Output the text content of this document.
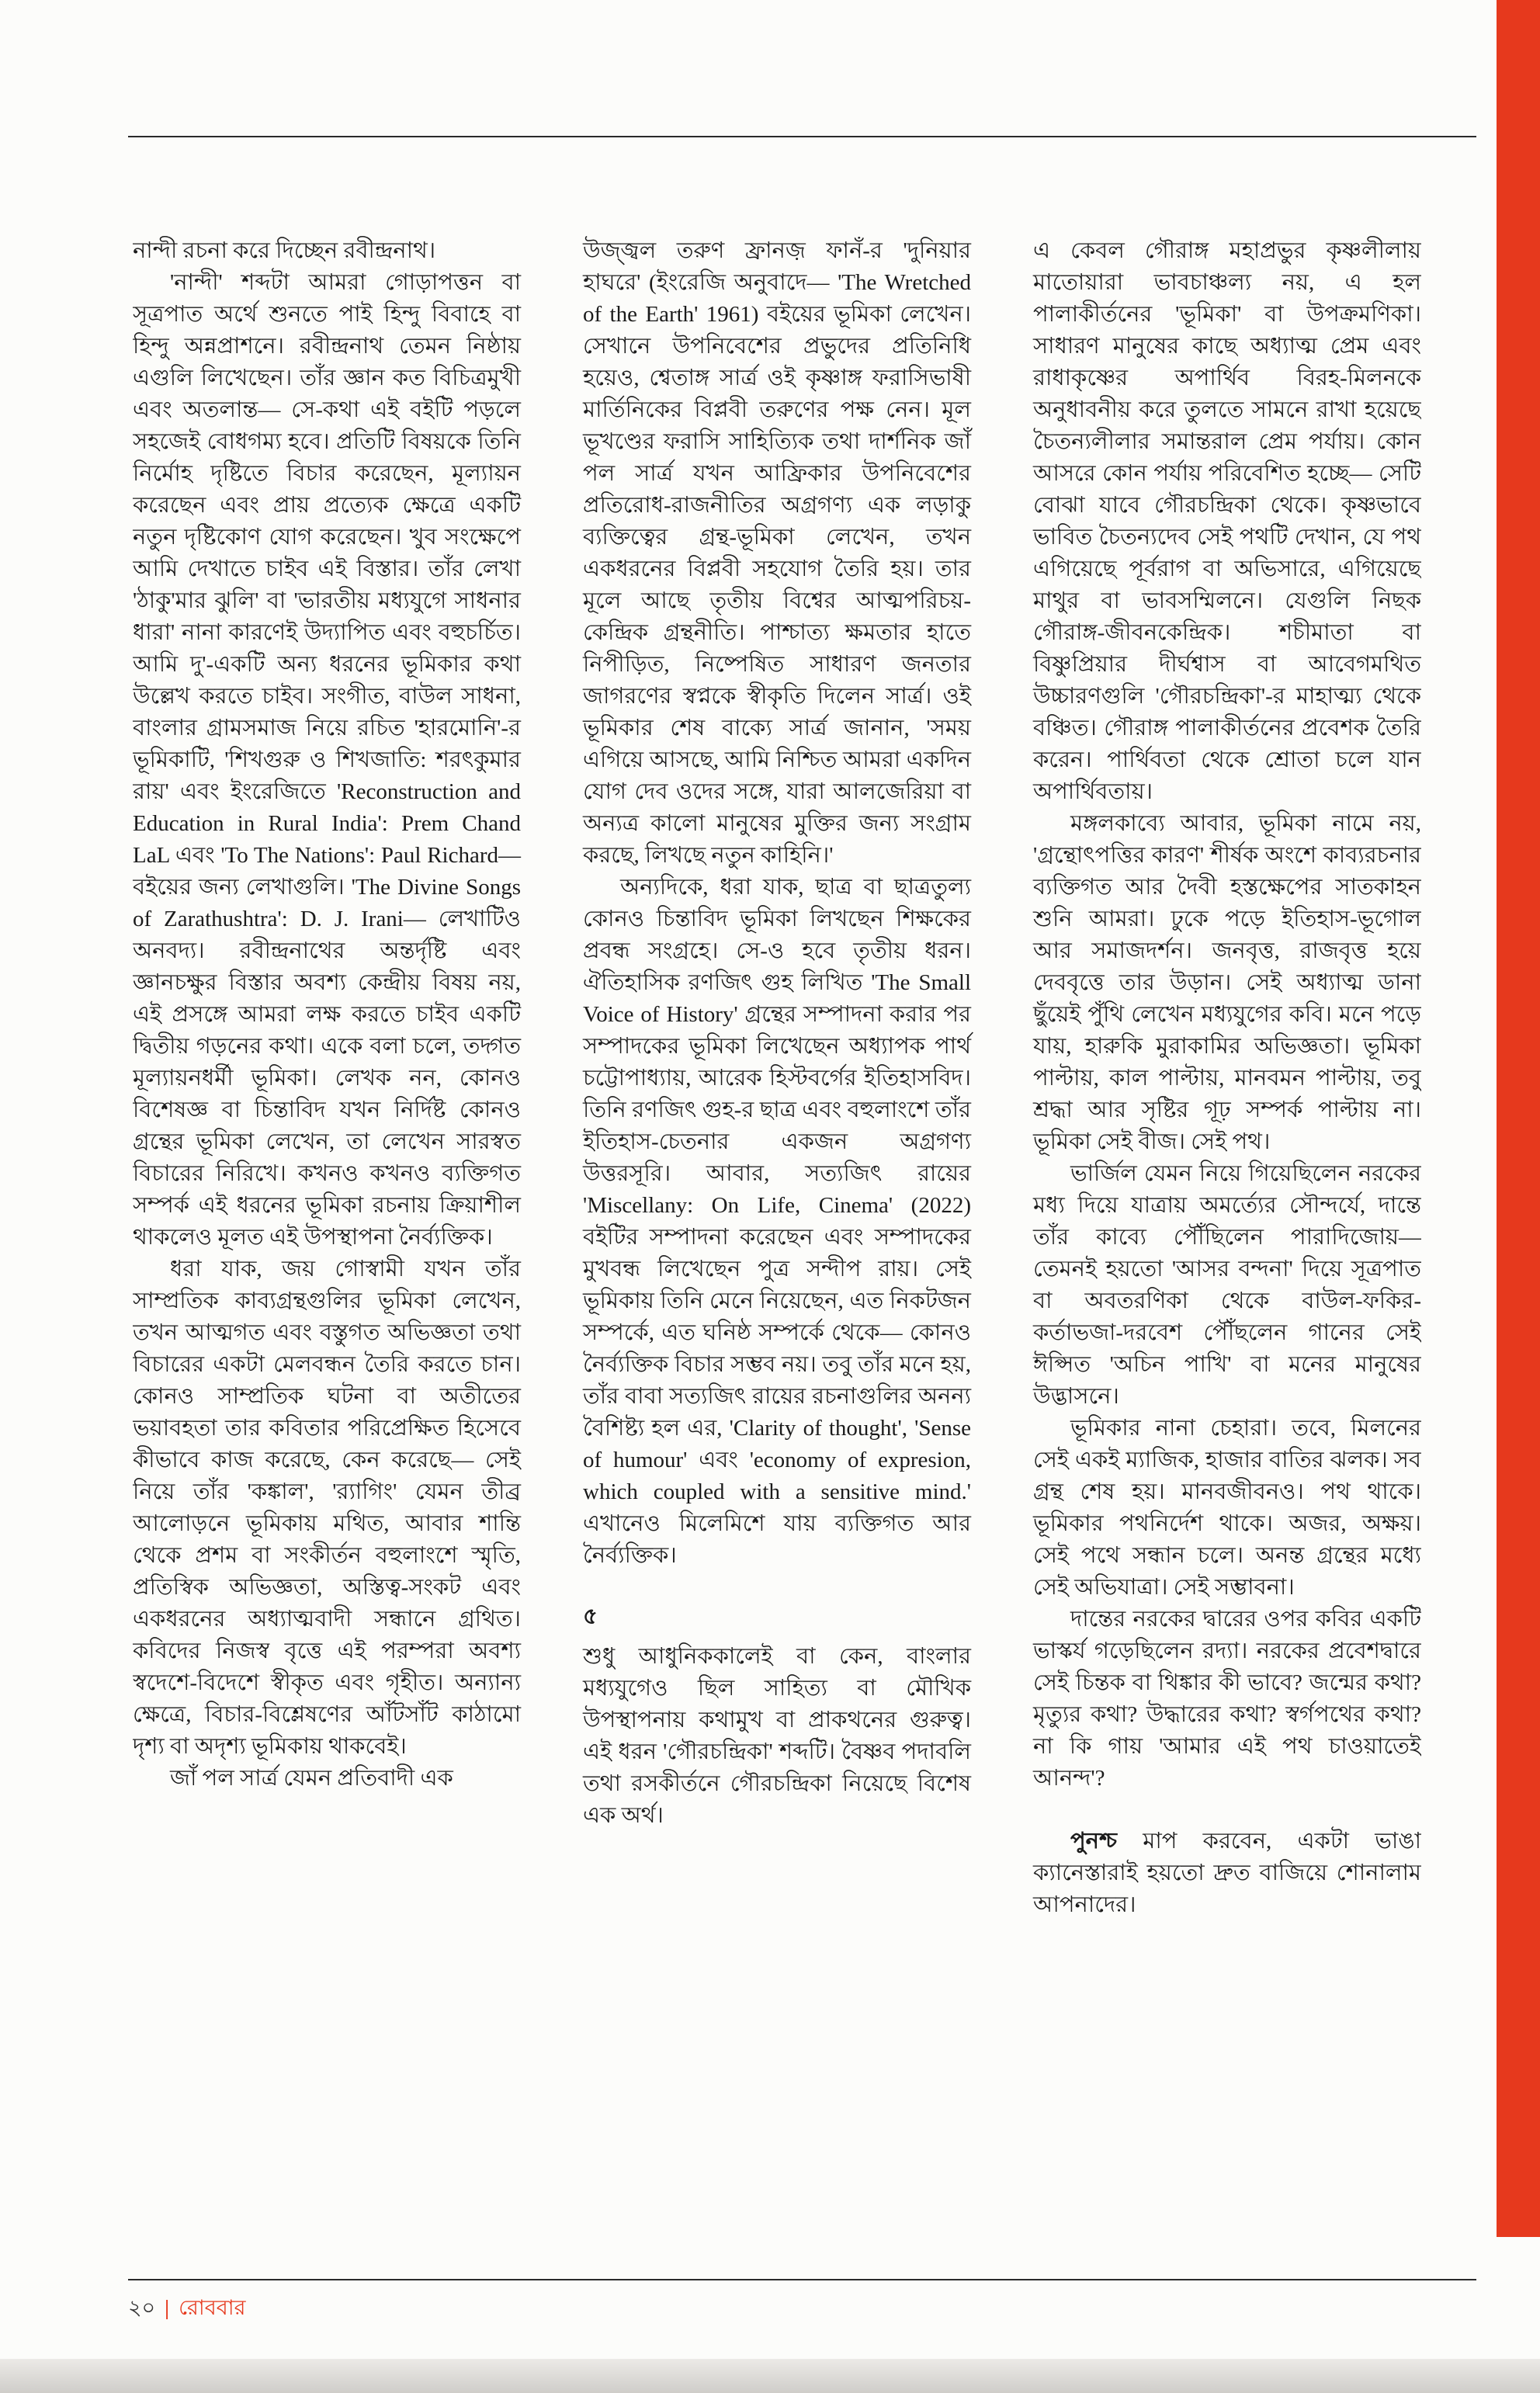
নান্দী রচনা করে দিচ্ছেন রবীন্দ্রনাথ।

'নান্দী' শব্দটা আমরা গোড়াপত্তন বা সূত্রপাত অর্থে শুনতে পাই হিন্দু বিবাহে বা হিন্দু অন্নপ্রাশনে। রবীন্দ্রনাথ তেমন নিষ্ঠায় এগুলি লিখেছেন। তাঁর জ্ঞান কত বিচিত্রমুখী এবং অতলান্ত— সে-কথা এই বইটি পড়লে সহজেই বোধগম্য হবে। প্রতিটি বিষয়কে তিনি নির্মোহ দৃষ্টিতে বিচার করেছেন, মূল্যায়ন করেছেন এবং প্রায় প্রত্যেক ক্ষেত্রে একটি নতুন দৃষ্টিকোণ যোগ করেছেন। খুব সংক্ষেপে আমি দেখাতে চাইব এই বিস্তার। তাঁর লেখা 'ঠাকু'মার ঝুলি' বা 'ভারতীয় মধ্যযুগে সাধনার ধারা' নানা কারণেই উদ্যাপিত এবং বহুচর্চিত। আমি দু'-একটি অন্য ধরনের ভূমিকার কথা উল্লেখ করতে চাইব। সংগীত, বাউল সাধনা, বাংলার গ্রামসমাজ নিয়ে রচিত 'হারমোনি'-র ভূমিকাটি, 'শিখগুরু ও শিখজাতি: শরৎকুমার রায়' এবং ইংরেজিতে 'Reconstruction and Education in Rural India': Prem Chand LaL এবং 'To The Nations': Paul Richard— বইয়ের জন্য লেখাগুলি। 'The Divine Songs of Zarathushtra': D. J. Irani— লেখাটিও অনবদ্য। রবীন্দ্রনাথের অন্তর্দৃষ্টি এবং জ্ঞানচক্ষুর বিস্তার অবশ্য কেন্দ্রীয় বিষয় নয়, এই প্রসঙ্গে আমরা লক্ষ করতে চাইব একটি দ্বিতীয় গড়নের কথা। একে বলা চলে, তদ্গত মূল্যায়নধর্মী ভূমিকা। লেখক নন, কোনও বিশেষজ্ঞ বা চিন্তাবিদ যখন নির্দিষ্ট কোনও গ্রন্থের ভূমিকা লেখেন, তা লেখেন সারস্বত বিচারের নিরিখে। কখনও কখনও ব্যক্তিগত সম্পর্ক এই ধরনের ভূমিকা রচনায় ক্রিয়াশীল থাকলেও মূলত এই উপস্থাপনা নৈর্ব্যক্তিক।

ধরা যাক, জয় গোস্বামী যখন তাঁর সাম্প্রতিক কাব্যগ্রন্থগুলির ভূমিকা লেখেন, তখন আত্মগত এবং বস্তুগত অভিজ্ঞতা তথা বিচারের একটা মেলবন্ধন তৈরি করতে চান। কোনও সাম্প্রতিক ঘটনা বা অতীতের ভয়াবহতা তার কবিতার পরিপ্রেক্ষিত হিসেবে কীভাবে কাজ করেছে, কেন করেছে— সেই নিয়ে তাঁর 'কঙ্কাল', 'র‍্যাগিং' যেমন তীব্র আলোড়নে ভূমিকায় মথিত, আবার শান্তি থেকে প্রশম বা সংকীর্তন বহুলাংশে স্মৃতি, প্রতিস্বিক অভিজ্ঞতা, অস্তিত্ব-সংকট এবং একধরনের অধ্যাত্মবাদী সন্ধানে গ্রথিত। কবিদের নিজস্ব বৃত্তে এই পরম্পরা অবশ্য স্বদেশে-বিদেশে স্বীকৃত এবং গৃহীত। অন্যান্য ক্ষেত্রে, বিচার-বিশ্লেষণের আঁটসাঁট কাঠামো দৃশ্য বা অদৃশ্য ভূমিকায় থাকবেই।

জাঁ পল সার্ত্র যেমন প্রতিবাদী এক

উজ্জ্বল তরুণ ফ্রানজ় ফানঁ-র 'দুনিয়ার হাঘরে' (ইংরেজি অনুবাদে— 'The Wretched of the Earth' 1961) বইয়ের ভূমিকা লেখেন। সেখানে উপনিবেশের প্রভুদের প্রতিনিধি হয়েও, শ্বেতাঙ্গ সার্ত্র ওই কৃষ্ণাঙ্গ ফরাসিভাষী মার্তিনিকের বিপ্লবী তরুণের পক্ষ নেন। মূল ভূখণ্ডের ফরাসি সাহিত্যিক তথা দার্শনিক জাঁ পল সার্ত্র যখন আফ্রিকার উপনিবেশের প্রতিরোধ-রাজনীতির অগ্রগণ্য এক লড়াকু ব্যক্তিত্বের গ্রন্থ-ভূমিকা লেখেন, তখন একধরনের বিপ্লবী সহযোগ তৈরি হয়। তার মূলে আছে তৃতীয় বিশ্বের আত্মপরিচয়-কেন্দ্রিক গ্রন্থনীতি। পাশ্চাত্য ক্ষমতার হাতে নিপীড়িত, নিষ্পেষিত সাধারণ জনতার জাগরণের স্বপ্নকে স্বীকৃতি দিলেন সার্ত্র। ওই ভূমিকার শেষ বাক্যে সার্ত্র জানান, 'সময় এগিয়ে আসছে, আমি নিশ্চিত আমরা একদিন যোগ দেব ওদের সঙ্গে, যারা আলজেরিয়া বা অন্যত্র কালো মানুষের মুক্তির জন্য সংগ্রাম করছে, লিখছে নতুন কাহিনি।'

অন্যদিকে, ধরা যাক, ছাত্র বা ছাত্রতুল্য কোনও চিন্তাবিদ ভূমিকা লিখছেন শিক্ষকের প্রবন্ধ সংগ্রহে। সে-ও হবে তৃতীয় ধরন। ঐতিহাসিক রণজিৎ গুহ লিখিত 'The Small Voice of History' গ্রন্থের সম্পাদনা করার পর সম্পাদকের ভূমিকা লিখেছেন অধ্যাপক পার্থ চট্টোপাধ্যায়, আরেক হিস্টবর্গের ইতিহাসবিদ। তিনি রণজিৎ গুহ-র ছাত্র এবং বহুলাংশে তাঁর ইতিহাস-চেতনার একজন অগ্রগণ্য উত্তরসূরি। আবার, সত্যজিৎ রায়ের 'Miscellany: On Life, Cinema' (2022) বইটির সম্পাদনা করেছেন এবং সম্পাদকের মুখবন্ধ লিখেছেন পুত্র সন্দীপ রায়। সেই ভূমিকায় তিনি মেনে নিয়েছেন, এত নিকটজন সম্পর্কে, এত ঘনিষ্ঠ সম্পর্কে থেকে— কোনও নৈর্ব্যক্তিক বিচার সম্ভব নয়। তবু তাঁর মনে হয়, তাঁর বাবা সত্যজিৎ রায়ের রচনাগুলির অনন্য বৈশিষ্ট্য হল এর, 'Clarity of thought', 'Sense of humour' এবং 'economy of expresion, which coupled with a sensitive mind.' এখানেও মিলেমিশে যায় ব্যক্তিগত আর নৈর্ব্যক্তিক।

৫

শুধু আধুনিককালেই বা কেন, বাংলার মধ্যযুগেও ছিল সাহিত্য বা মৌখিক উপস্থাপনায় কথামুখ বা প্রাকথনের গুরুত্ব। এই ধরন 'গৌরচন্দ্রিকা' শব্দটি। বৈষ্ণব পদাবলি তথা রসকীর্তনে গৌরচন্দ্রিকা নিয়েছে বিশেষ এক অর্থ।

এ কেবল গৌরাঙ্গ মহাপ্রভুর কৃষ্ণলীলায় মাতোয়ারা ভাবচাঞ্চল্য নয়, এ হল পালাকীর্তনের 'ভূমিকা' বা উপক্রমণিকা। সাধারণ মানুষের কাছে অধ্যাত্ম প্রেম এবং রাধাকৃষ্ণের অপার্থিব বিরহ-মিলনকে অনুধাবনীয় করে তুলতে সামনে রাখা হয়েছে চৈতন্যলীলার সমান্তরাল প্রেম পর্যায়। কোন আসরে কোন পর্যায় পরিবেশিত হচ্ছে— সেটি বোঝা যাবে গৌরচন্দ্রিকা থেকে। কৃষ্ণভাবে ভাবিত চৈতন্যদেব সেই পথটি দেখান, যে পথ এগিয়েছে পূর্বরাগ বা অভিসারে, এগিয়েছে মাথুর বা ভাবসম্মিলনে। যেগুলি নিছক গৌরাঙ্গ-জীবনকেন্দ্রিক। শচীমাতা বা বিষ্ণুপ্রিয়ার দীর্ঘশ্বাস বা আবেগমথিত উচ্চারণগুলি 'গৌরচন্দ্রিকা'-র মাহাত্ম্য থেকে বঞ্চিত। গৌরাঙ্গ পালাকীর্তনের প্রবেশক তৈরি করেন। পার্থিবতা থেকে শ্রোতা চলে যান অপার্থিবতায়।

মঙ্গলকাব্যে আবার, ভূমিকা নামে নয়, 'গ্রন্থোৎপত্তির কারণ' শীর্ষক অংশে কাব্যরচনার ব্যক্তিগত আর দৈবী হস্তক্ষেপের সাতকাহন শুনি আমরা। ঢুকে পড়ে ইতিহাস-ভূগোল আর সমাজদর্শন। জনবৃত্ত, রাজবৃত্ত হয়ে দেববৃত্তে তার উড়ান। সেই অধ্যাত্ম ডানা ছুঁয়েই পুঁথি লেখেন মধ্যযুগের কবি। মনে পড়ে যায়, হারুকি মুরাকামির অভিজ্ঞতা। ভূমিকা পাল্টায়, কাল পাল্টায়, মানবমন পাল্টায়, তবু শ্রদ্ধা আর সৃষ্টির গূঢ় সম্পর্ক পাল্টায় না। ভূমিকা সেই বীজ। সেই পথ।

ভার্জিল যেমন নিয়ে গিয়েছিলেন নরকের মধ্য দিয়ে যাত্রায় অমর্ত্যের সৌন্দর্যে, দান্তে তাঁর কাব্যে পৌঁছিলেন পারাদিজোয়— তেমনই হয়তো 'আসর বন্দনা' দিয়ে সূত্রপাত বা অবতরণিকা থেকে বাউল-ফকির-কর্তাভজা-দরবেশ পৌঁছলেন গানের সেই ঈপ্সিত 'অচিন পাখি' বা মনের মানুষের উদ্ভাসনে।

ভূমিকার নানা চেহারা। তবে, মিলনের সেই একই ম্যাজিক, হাজার বাতির ঝলক। সব গ্রন্থ শেষ হয়। মানবজীবনও। পথ থাকে। ভূমিকার পথনির্দেশ থাকে। অজর, অক্ষয়। সেই পথে সন্ধান চলে। অনন্ত গ্রন্থের মধ্যে সেই অভিযাত্রা। সেই সম্ভাবনা।

দান্তের নরকের দ্বারের ওপর কবির একটি ভাস্কর্য গড়েছিলেন রদ্যা। নরকের প্রবেশদ্বারে সেই চিন্তক বা থিঙ্কার কী ভাবে? জন্মের কথা? মৃত্যুর কথা? উদ্ধারের কথা? স্বর্গপথের কথা? না কি গায় 'আমার এই পথ চাওয়াতেই আনন্দ'?

পুনশ্চ মাপ করবেন, একটা ভাঙা ক্যানেস্তারাই হয়তো দ্রুত বাজিয়ে শোনালাম আপনাদের।

২০ | রোববার
